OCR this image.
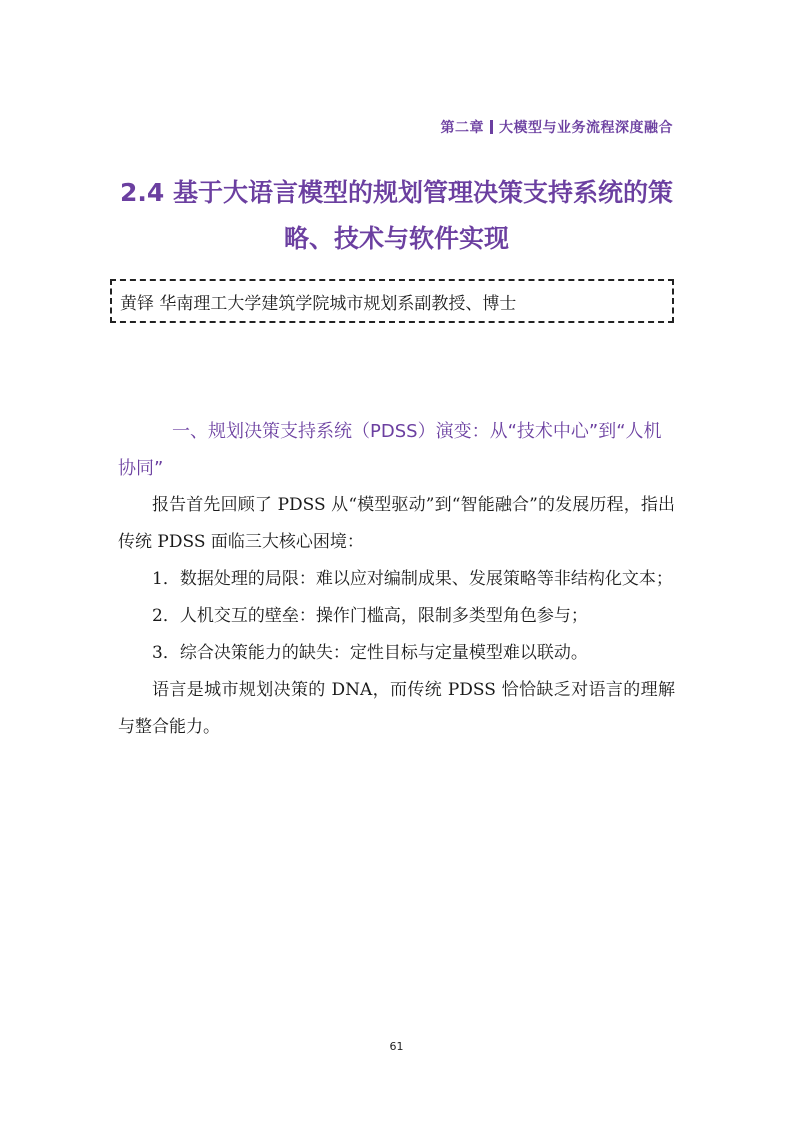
第二章 大模型与业务流程深度融合
2.4 基于大语言模型的规划管理决策支持系统的策略、技术与软件实现
黄铎 华南理工大学建筑学院城市规划系副教授、博士
一、规划决策支持系统（PDSS）演变：从“技术中心”到“人机协同”

报告首先回顾了 PDSS 从“模型驱动”到“智能融合”的发展历程，指出传统 PDSS 面临三大核心困境：

1．数据处理的局限：难以应对编制成果、发展策略等非结构化文本；

2．人机交互的壁垒：操作门槛高，限制多类型角色参与；

3．综合决策能力的缺失：定性目标与定量模型难以联动。

语言是城市规划决策的 DNA，而传统 PDSS 恰恰缺乏对语言的理解与整合能力。

61
